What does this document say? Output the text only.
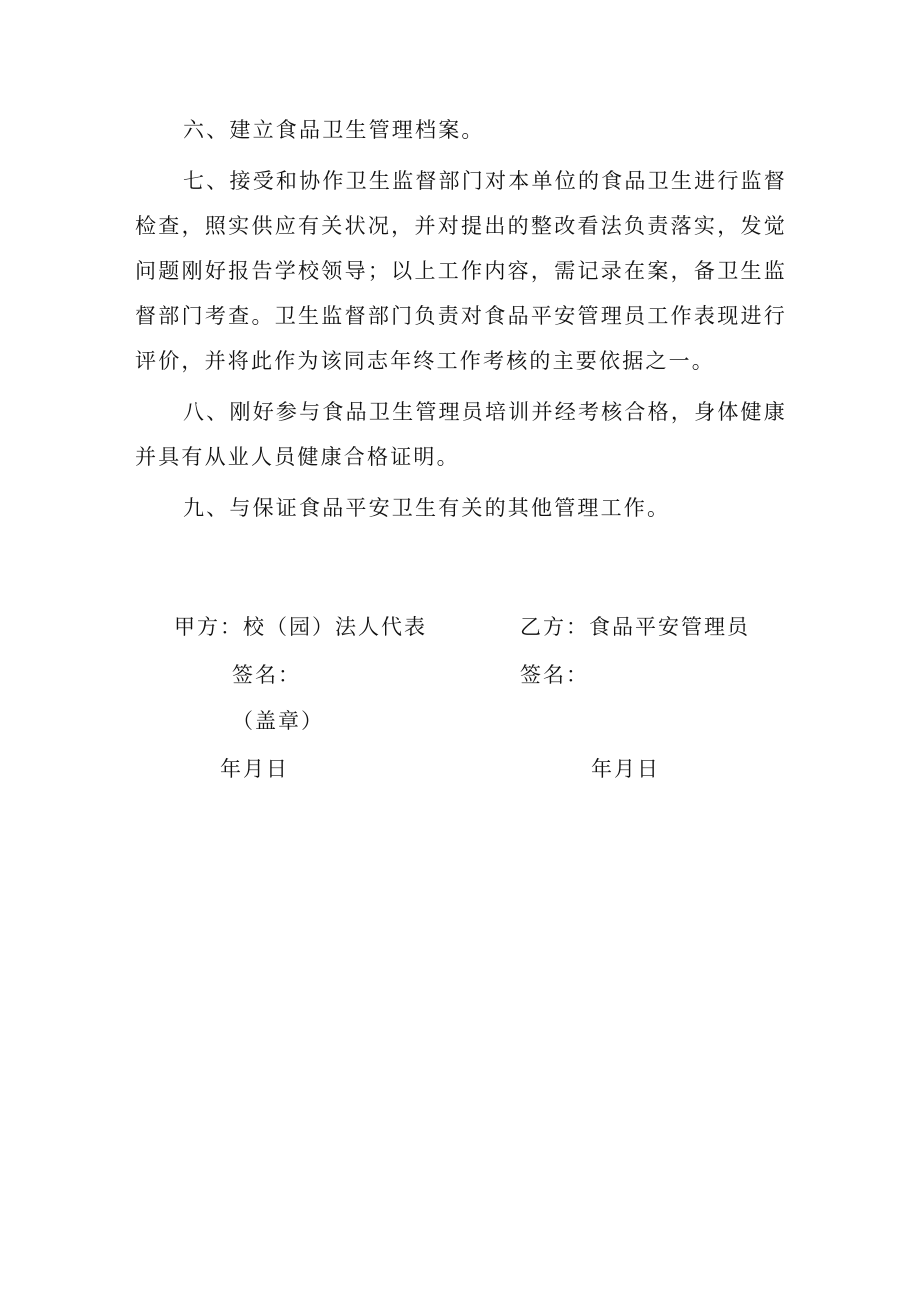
六、建立食品卫生管理档案。

七、接受和协作卫生监督部门对本单位的食品卫生进行监督检查，照实供应有关状况，并对提出的整改看法负责落实，发觉问题刚好报告学校领导；以上工作内容，需记录在案，备卫生监督部门考查。卫生监督部门负责对食品平安管理员工作表现进行评价，并将此作为该同志年终工作考核的主要依据之一。

八、刚好参与食品卫生管理员培训并经考核合格，身体健康并具有从业人员健康合格证明。

九、与保证食品平安卫生有关的其他管理工作。

甲方：校（园）法人代表
签名：
（盖章）
年月日
乙方：食品平安管理员
签名：
年月日
